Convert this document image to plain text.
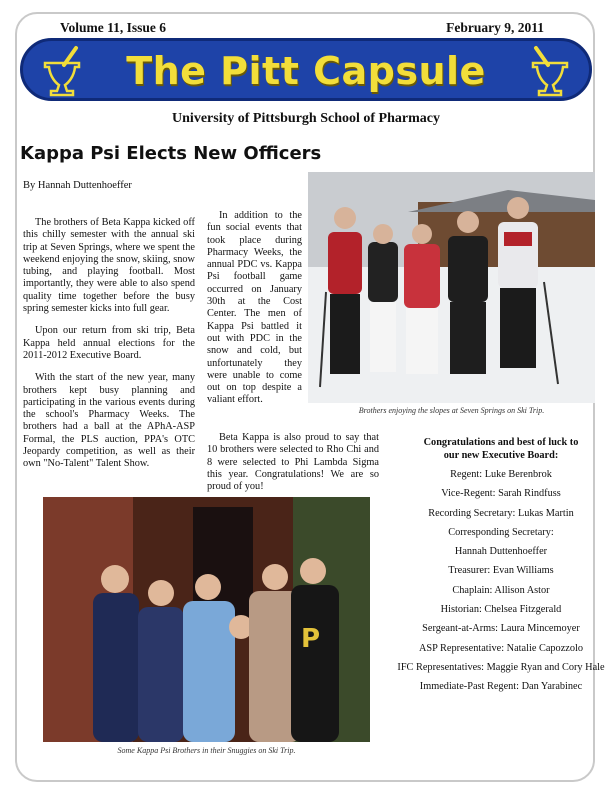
Volume 11, Issue 6	February 9, 2011
The Pitt Capsule
University of Pittsburgh School of Pharmacy
Kappa Psi Elects New Officers
By Hannah Duttenhoeffer

The brothers of Beta Kappa kicked off this chilly semester with the annual ski trip at Seven Springs, where we spent the weekend enjoying the snow, skiing, snow tubing, and playing football. Most importantly, they were able to also spend quality time together before the busy spring semester kicks into full gear.

Upon our return from ski trip, Beta Kappa held annual elections for the 2011-2012 Executive Board.

With the start of the new year, many brothers kept busy planning and participating in the various events during the school's Pharmacy Weeks. The brothers had a ball at the APhA-ASP Formal, the PLS auction, PPA's OTC Jeopardy competition, as well as their own "No-Talent" Talent Show.

In addition to the fun social events that took place during Pharmacy Weeks, the annual PDC vs. Kappa Psi football game occurred on January 30th at the Cost Center. The men of Kappa Psi battled it out with PDC in the snow and cold, but unfortunately they were unable to come out on top despite a valiant effort.

Beta Kappa is also proud to say that 10 brothers were selected to Rho Chi and 8 were selected to Phi Lambda Sigma this year. Congratulations! We are so proud of you!

Brothers enjoying the slopes at Seven Springs on Ski Trip.
Congratulations and best of luck to
our new Executive Board:
Regent: Luke Berenbrok
Vice-Regent: Sarah Rindfuss
Recording Secretary: Lukas Martin
Corresponding Secretary:
Hannah Duttenhoeffer
Treasurer: Evan Williams
Chaplain: Allison Astor
Historian: Chelsea Fitzgerald
Sergeant-at-Arms: Laura Mincemoyer
ASP Representative: Natalie Capozzolo
IFC Representatives: Maggie Ryan and Cory Hale
Immediate-Past Regent: Dan Yarabinec
P
Some Kappa Psi Brothers in their Snuggies on Ski Trip.
